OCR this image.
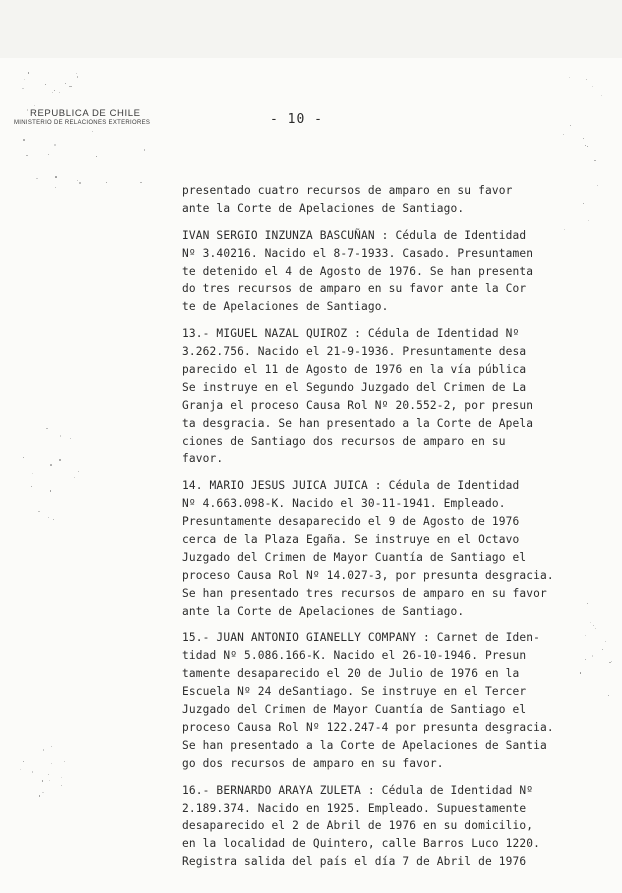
REPUBLICA DE CHILE
MINISTERIO DE RELACIONES EXTERIORES	- 10 -
presentado cuatro recursos de amparo en su favor
ante la Corte de Apelaciones de Santiago.
IVAN SERGIO INZUNZA BASCUÑAN : Cédula de Identidad
Nº 3.40216. Nacido el 8-7-1933. Casado. Presuntamen
te detenido el 4 de Agosto de 1976. Se han presenta
do tres recursos de amparo en su favor ante la Cor
te de Apelaciones de Santiago.
13.- MIGUEL NAZAL QUIROZ : Cédula de Identidad Nº
3.262.756. Nacido el 21-9-1936. Presuntamente desa
parecido el 11 de Agosto de 1976 en la vía pública
Se instruye en el Segundo Juzgado del Crimen de La
Granja el proceso Causa Rol Nº 20.552-2, por presun
ta desgracia. Se han presentado a la Corte de Apela
ciones de Santiago dos recursos de amparo en su
favor.
14. MARIO JESUS JUICA JUICA : Cédula de Identidad
Nº 4.663.098-K. Nacido el 30-11-1941. Empleado.
Presuntamente desaparecido el 9 de Agosto de 1976
cerca de la Plaza Egaña. Se instruye en el Octavo
Juzgado del Crimen de Mayor Cuantía de Santiago el
proceso Causa Rol Nº 14.027-3, por presunta desgracia.
Se han presentado tres recursos de amparo en su favor
ante la Corte de Apelaciones de Santiago.
15.- JUAN ANTONIO GIANELLY COMPANY : Carnet de Iden-
tidad Nº 5.086.166-K. Nacido el 26-10-1946. Presun
tamente desaparecido el 20 de Julio de 1976 en la
Escuela Nº 24 deSantiago. Se instruye en el Tercer
Juzgado del Crimen de Mayor Cuantía de Santiago el
proceso Causa Rol Nº 122.247-4 por presunta desgracia.
Se han presentado a la Corte de Apelaciones de Santia
go dos recursos de amparo en su favor.
16.- BERNARDO ARAYA ZULETA : Cédula de Identidad Nº
2.189.374. Nacido en 1925. Empleado. Supuestamente
desaparecido el 2 de Abril de 1976 en su domicilio,
en la localidad de Quintero, calle Barros Luco 1220.
Registra salida del país el día 7 de Abril de 1976
